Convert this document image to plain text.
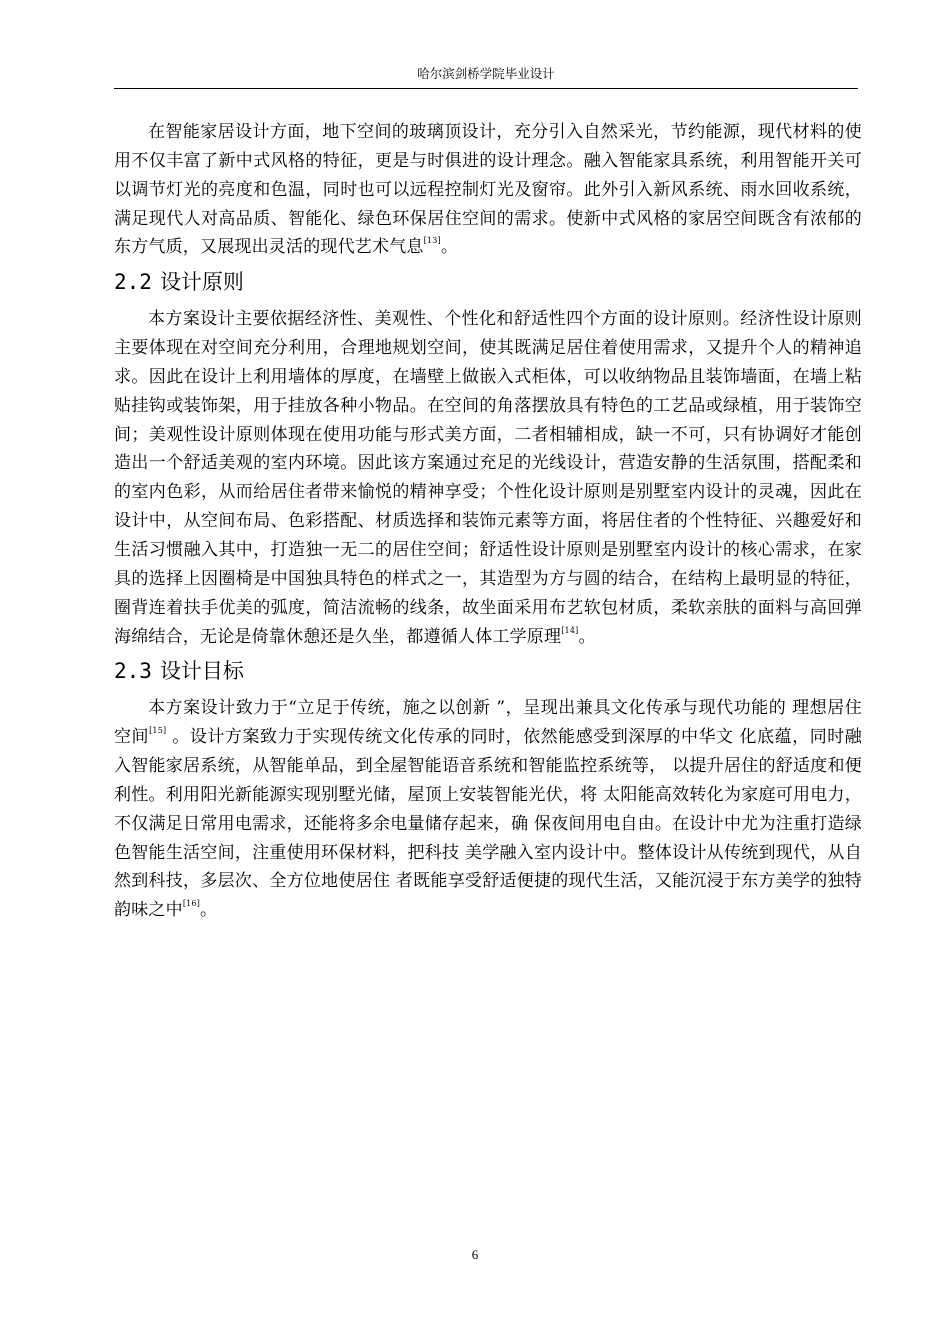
哈尔滨剑桥学院毕业设计

在智能家居设计方面，地下空间的玻璃顶设计，充分引入自然采光，节约能源，现代材料的使用不仅丰富了新中式风格的特征，更是与时俱进的设计理念。融入智能家具系统，利用智能开关可以调节灯光的亮度和色温，同时也可以远程控制灯光及窗帘。此外引入新风系统、雨水回收系统，满足现代人对高品质、智能化、绿色环保居住空间的需求。使新中式风格的家居空间既含有浓郁的东方气质，又展现出灵活的现代艺术气息[13]。

2.2 设计原则

本方案设计主要依据经济性、美观性、个性化和舒适性四个方面的设计原则。经济性设计原则主要体现在对空间充分利用，合理地规划空间，使其既满足居住着使用需求，又提升个人的精神追求。因此在设计上利用墙体的厚度，在墙壁上做嵌入式柜体，可以收纳物品且装饰墙面，在墙上粘贴挂钩或装饰架，用于挂放各种小物品。在空间的角落摆放具有特色的工艺品或绿植，用于装饰空间；美观性设计原则体现在使用功能与形式美方面，二者相辅相成，缺一不可，只有协调好才能创造出一个舒适美观的室内环境。因此该方案通过充足的光线设计，营造安静的生活氛围，搭配柔和的室内色彩，从而给居住者带来愉悦的精神享受；个性化设计原则是别墅室内设计的灵魂，因此在设计中，从空间布局、色彩搭配、材质选择和装饰元素等方面，将居住者的个性特征、兴趣爱好和生活习惯融入其中，打造独一无二的居住空间；舒适性设计原则是别墅室内设计的核心需求，在家具的选择上因圈椅是中国独具特色的样式之一，其造型为方与圆的结合，在结构上最明显的特征，圈背连着扶手优美的弧度，简洁流畅的线条，故坐面采用布艺软包材质，柔软亲肤的面料与高回弹海绵结合，无论是倚靠休憩还是久坐，都遵循人体工学原理[14]。

2.3 设计目标

本方案设计致力于“立足于传统，施之以创新 ”，呈现出兼具文化传承与现代功能的 理想居住空间[15] 。设计方案致力于实现传统文化传承的同时，依然能感受到深厚的中华文 化底蕴，同时融入智能家居系统，从智能单品，到全屋智能语音系统和智能监控系统等， 以提升居住的舒适度和便利性。利用阳光新能源实现别墅光储，屋顶上安装智能光伏，将 太阳能高效转化为家庭可用电力，不仅满足日常用电需求，还能将多余电量储存起来，确 保夜间用电自由。在设计中尤为注重打造绿色智能生活空间，注重使用环保材料，把科技 美学融入室内设计中。整体设计从传统到现代，从自然到科技，多层次、全方位地使居住 者既能享受舒适便捷的现代生活，又能沉浸于东方美学的独特韵味之中[16]。

6
